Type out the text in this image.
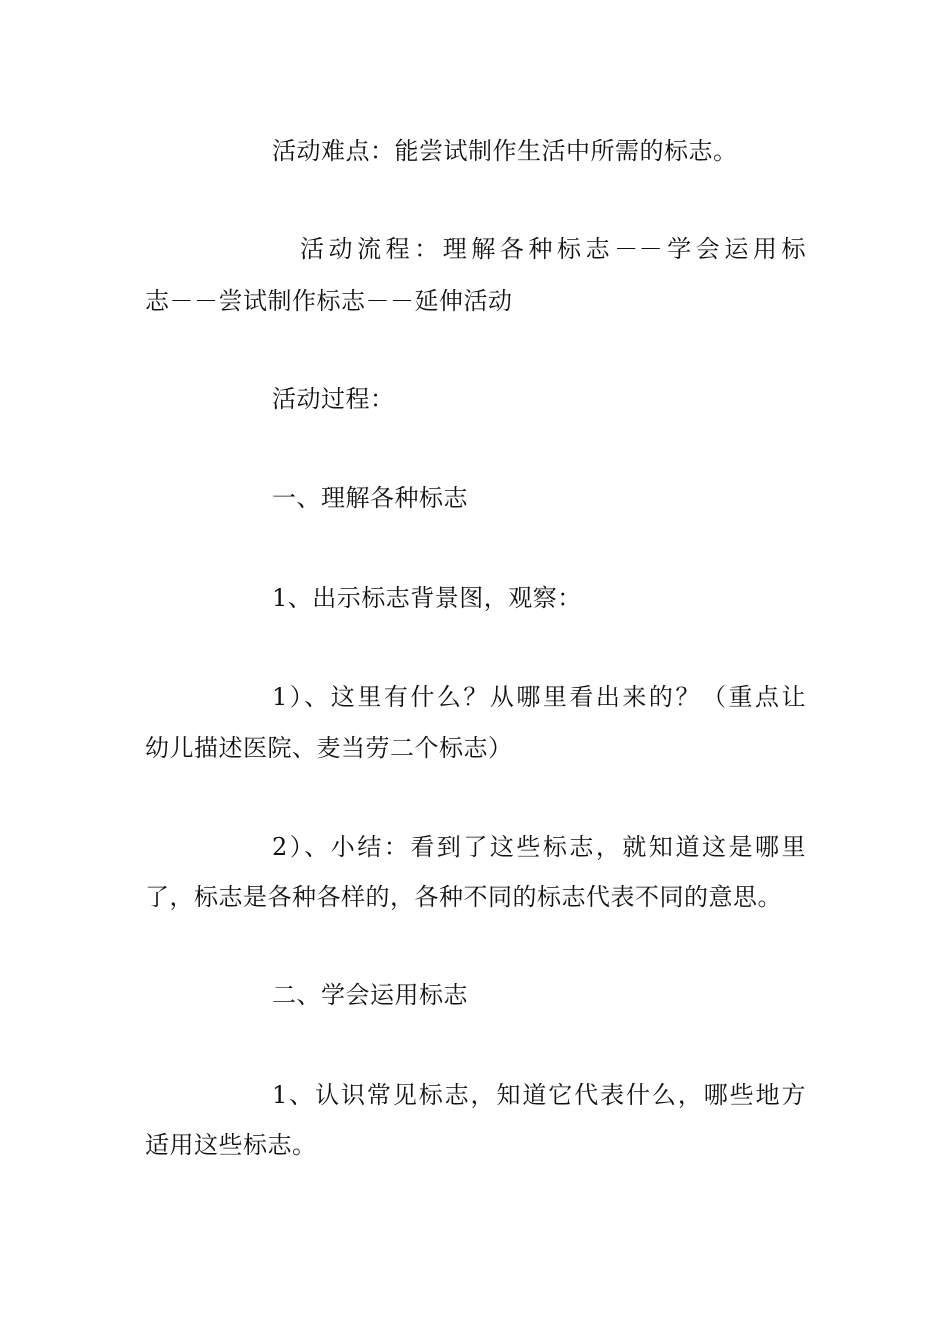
活动难点：能尝试制作生活中所需的标志。
活动流程：理解各种标志－－学会运用标
志－－尝试制作标志－－延伸活动
活动过程：
一、理解各种标志
1、出示标志背景图，观察：
1）、这里有什么？从哪里看出来的？（重点让
幼儿描述医院、麦当劳二个标志）
2）、小结：看到了这些标志，就知道这是哪里
了，标志是各种各样的，各种不同的标志代表不同的意思。
二、学会运用标志
1、认识常见标志，知道它代表什么，哪些地方
适用这些标志。
